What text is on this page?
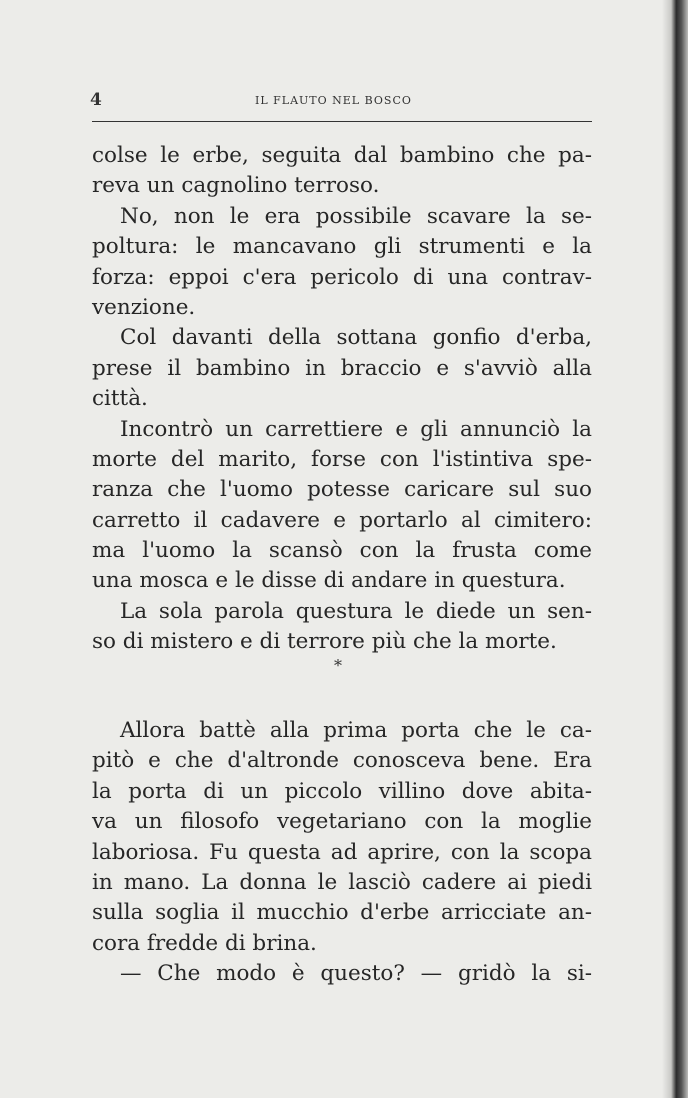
4	IL FLAUTO NEL BOSCO
colse le erbe, seguita dal bambino che pa-
reva un cagnolino terroso.
No, non le era possibile scavare la se-
poltura: le mancavano gli strumenti e la
forza: eppoi c'era pericolo di una contrav-
venzione.
Col davanti della sottana gonfio d'erba,
prese il bambino in braccio e s'avviò alla
città.
Incontrò un carrettiere e gli annunciò la
morte del marito, forse con l'istintiva spe-
ranza che l'uomo potesse caricare sul suo
carretto il cadavere e portarlo al cimitero:
ma l'uomo la scansò con la frusta come
una mosca e le disse di andare in questura.
La sola parola questura le diede un sen-
so di mistero e di terrore più che la morte.
*
Allora battè alla prima porta che le ca-
pitò e che d'altronde conosceva bene. Era
la porta di un piccolo villino dove abita-
va un filosofo vegetariano con la moglie
laboriosa. Fu questa ad aprire, con la scopa
in mano. La donna le lasciò cadere ai piedi
sulla soglia il mucchio d'erbe arricciate an-
cora fredde di brina.
— Che modo è questo? — gridò la si-
